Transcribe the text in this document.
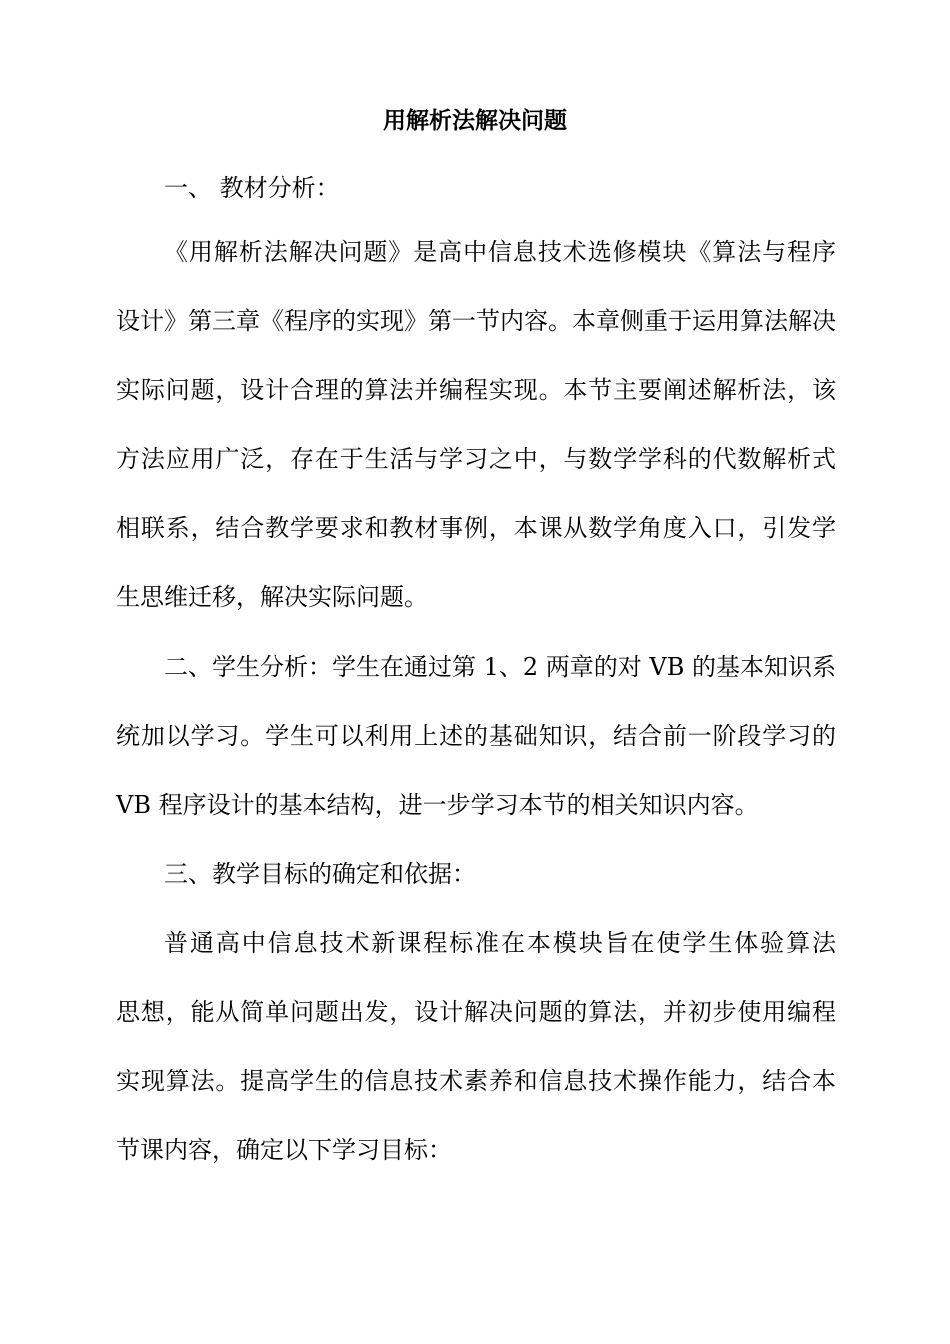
用解析法解决问题
一、 教材分析：
《用解析法解决问题》是高中信息技术选修模块《算法与程序
设计》第三章《程序的实现》第一节内容。本章侧重于运用算法解决
实际问题，设计合理的算法并编程实现。本节主要阐述解析法，该
方法应用广泛，存在于生活与学习之中，与数学学科的代数解析式
相联系，结合教学要求和教材事例，本课从数学角度入口，引发学
生思维迁移，解决实际问题。
二、学生分析：学生在通过第 1、2 两章的对 VB 的基本知识系
统加以学习。学生可以利用上述的基础知识，结合前一阶段学习的
VB 程序设计的基本结构，进一步学习本节的相关知识内容。
三、教学目标的确定和依据：
普通高中信息技术新课程标准在本模块旨在使学生体验算法
思想，能从简单问题出发，设计解决问题的算法，并初步使用编程
实现算法。提高学生的信息技术素养和信息技术操作能力，结合本
节课内容，确定以下学习目标：
